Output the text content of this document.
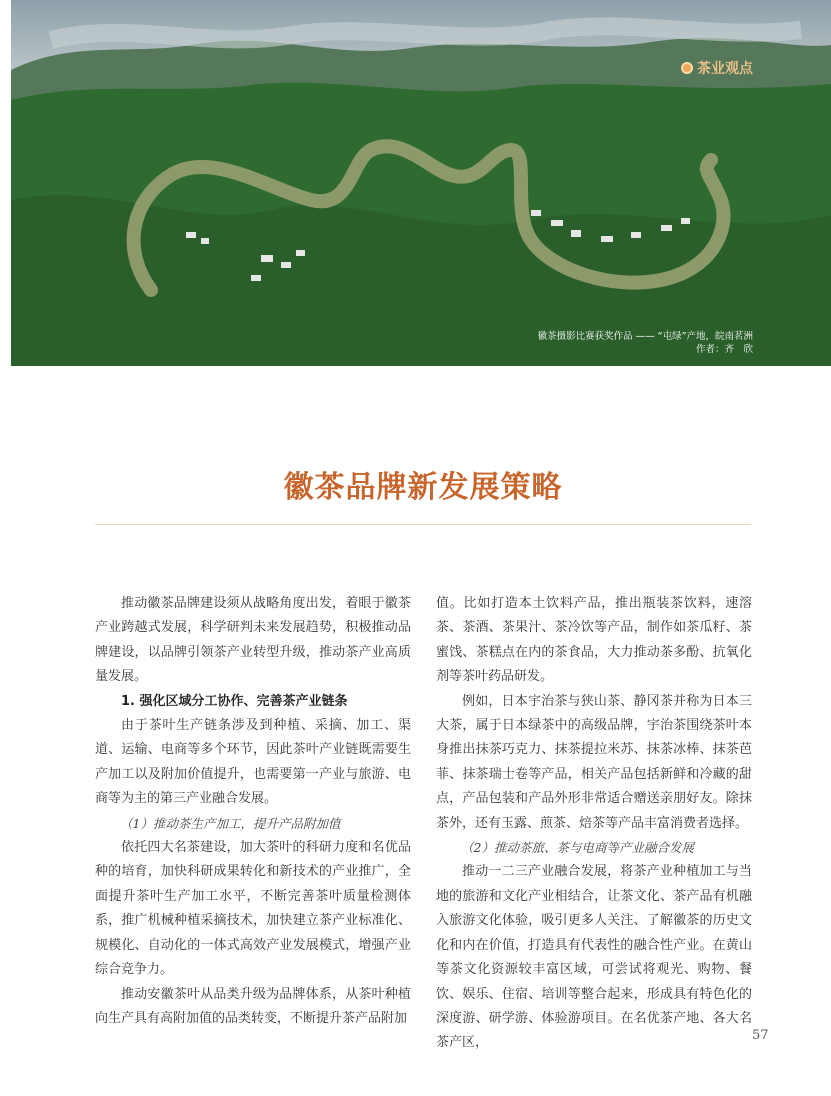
茶业观点
徽茶摄影比赛获奖作品 —— “屯绿”产地，皖南茗洲
作者：齐　欣
徽茶品牌新发展策略

推动徽茶品牌建设须从战略角度出发，着眼于徽茶产业跨越式发展，科学研判未来发展趋势，积极推动品牌建设，以品牌引领茶产业转型升级，推动茶产业高质量发展。

1. 强化区域分工协作、完善茶产业链条

由于茶叶生产链条涉及到种植、采摘、加工、渠道、运输、电商等多个环节，因此茶叶产业链既需要生产加工以及附加价值提升，也需要第一产业与旅游、电商等为主的第三产业融合发展。

（1）推动茶生产加工，提升产品附加值

依托四大名茶建设，加大茶叶的科研力度和名优品种的培育，加快科研成果转化和新技术的产业推广，全面提升茶叶生产加工水平，不断完善茶叶质量检测体系，推广机械种植采摘技术，加快建立茶产业标准化、规模化、自动化的一体式高效产业发展模式，增强产业综合竞争力。

推动安徽茶叶从品类升级为品牌体系，从茶叶种植向生产具有高附加值的品类转变，不断提升茶产品附加

值。比如打造本土饮料产品，推出瓶装茶饮料，速溶茶、茶酒、茶果汁、茶冷饮等产品，制作如茶瓜籽、茶蜜饯、茶糕点在内的茶食品，大力推动茶多酚、抗氧化剂等茶叶药品研发。

例如，日本宇治茶与狭山茶、静冈茶并称为日本三大茶，属于日本绿茶中的高级品牌，宇治茶围绕茶叶本身推出抹茶巧克力、抹茶提拉米苏、抹茶冰棒、抹茶芭菲、抹茶瑞士卷等产品，相关产品包括新鲜和冷藏的甜点，产品包装和产品外形非常适合赠送亲朋好友。除抹茶外，还有玉露、煎茶、焙茶等产品丰富消费者选择。

（2）推动茶旅、茶与电商等产业融合发展

推动一二三产业融合发展，将茶产业种植加工与当地的旅游和文化产业相结合，让茶文化、茶产品有机融入旅游文化体验，吸引更多人关注、了解徽茶的历史文化和内在价值，打造具有代表性的融合性产业。在黄山等茶文化资源较丰富区域，可尝试将观光、购物、餐饮、娱乐、住宿、培训等整合起来，形成具有特色化的深度游、研学游、体验游项目。在名优茶产地、各大名茶产区，	57
